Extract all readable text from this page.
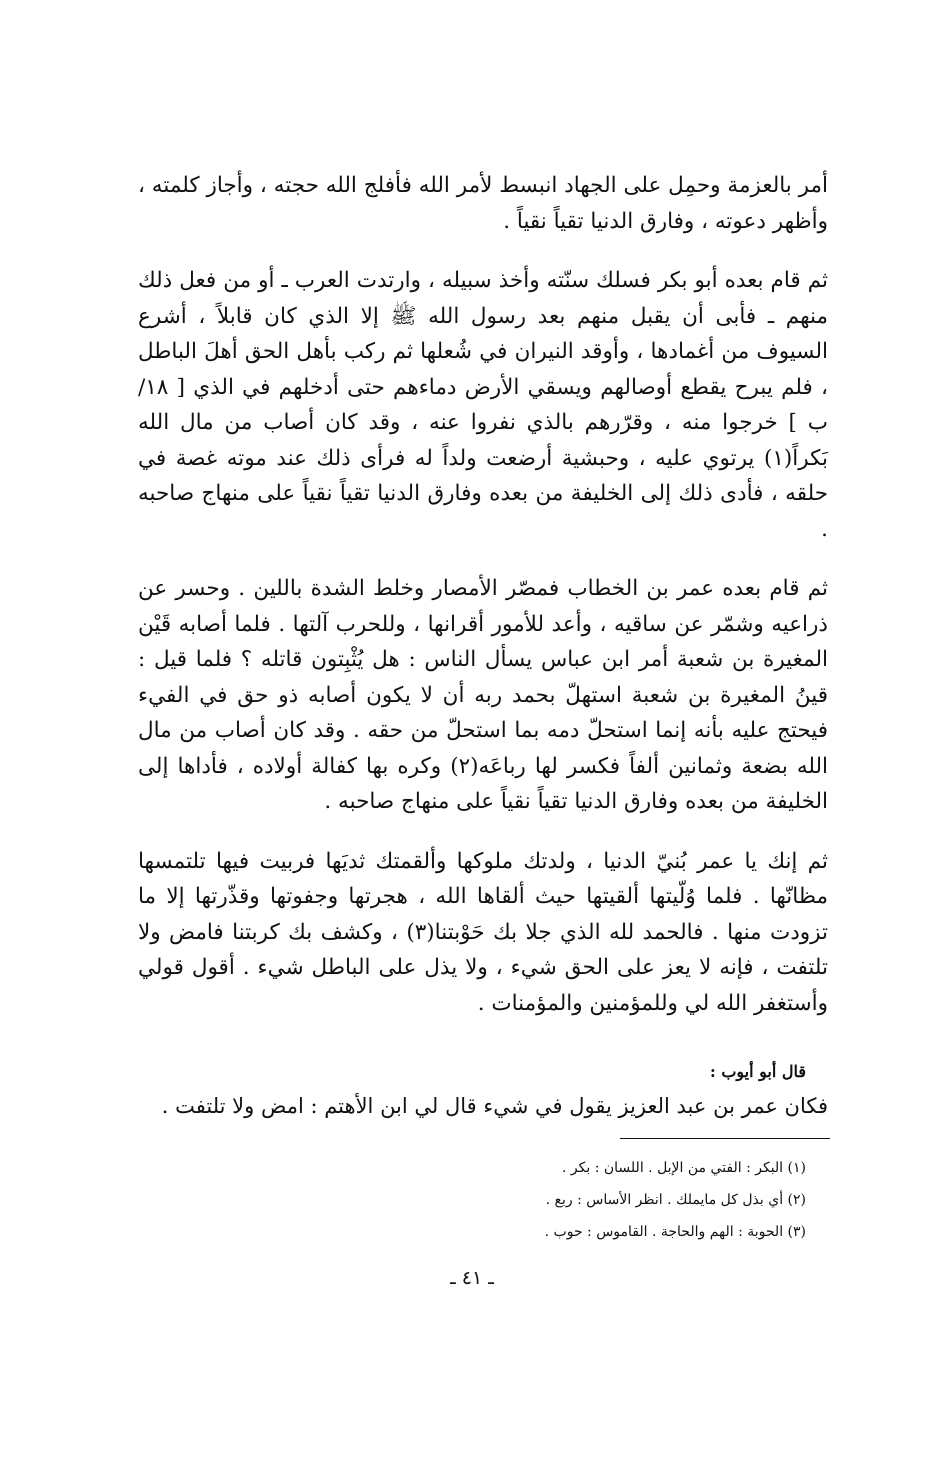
أمر بالعزمة وحمِل على الجهاد انبسط لأمر الله فأفلج الله حجته ، وأجاز كلمته ، وأظهر دعوته ، وفارق الدنيا تقياً نقياً .

ثم قام بعده أبو بكر فسلك سنّته وأخذ سبيله ، وارتدت العرب ـ أو من فعل ذلك منهم ـ فأبى أن يقبل منهم بعد رسول الله ﷺ إلا الذي كان قابلاً ، أشرع السيوف من أغمادها ، وأوقد النيران في شُعلها ثم ركب بأهل الحق أهلَ الباطل ، فلم يبرح يقطع أوصالهم ويسقي الأرض دماءهم حتى أدخلهم في الذي [ ١٨/ب ] خرجوا منه ، وقرّرهم بالذي نفروا عنه ، وقد كان أصاب من مال الله بَكراً(١) يرتوي عليه ، وحبشية أرضعت ولداً له فرأى ذلك عند موته غصة في حلقه ، فأدى ذلك إلى الخليفة من بعده وفارق الدنيا تقياً نقياً على منهاج صاحبه .

ثم قام بعده عمر بن الخطاب فمصّر الأمصار وخلط الشدة باللين . وحسر عن ذراعيه وشمّر عن ساقيه ، وأعد للأمور أقرانها ، وللحرب آلتها . فلما أصابه قَيْن المغيرة بن شعبة أمر ابن عباس يسأل الناس : هل يُثْبِتون قاتله ؟ فلما قيل : قينُ المغيرة بن شعبة استهلّ بحمد ربه أن لا يكون أصابه ذو حق في الفيء فيحتج عليه بأنه إنما استحلّ دمه بما استحلّ من حقه . وقد كان أصاب من مال الله بضعة وثمانين ألفاً فكسر لها رباعَه(٢) وكره بها كفالة أولاده ، فأداها إلى الخليفة من بعده وفارق الدنيا تقياً نقياً على منهاج صاحبه .

ثم إنك يا عمر بُنيّ الدنيا ، ولدتك ملوكها وألقمتك ثديَها فربيت فيها تلتمسها مظانّها . فلما وُلّيتها ألقيتها حيث ألقاها الله ، هجرتها وجفوتها وقذّرتها إلا ما تزودت منها . فالحمد لله الذي جلا بك حَوْبتنا(٣) ، وكشف بك كربتنا فامض ولا تلتفت ، فإنه لا يعز على الحق شيء ، ولا يذل على الباطل شيء . أقول قولي وأستغفر الله لي وللمؤمنين والمؤمنات .

قال أبو أيوب :
فكان عمر بن عبد العزيز يقول في شيء قال لي ابن الأهتم : امض ولا تلتفت .

(١) البكر : الفتي من الإبل . اللسان : بكر .

(٢) أي بذل كل مايملك . انظر الأساس : ربع .

(٣) الحوبة : الهم والحاجة . القاموس : حوب .

ـ ٤١ ـ
